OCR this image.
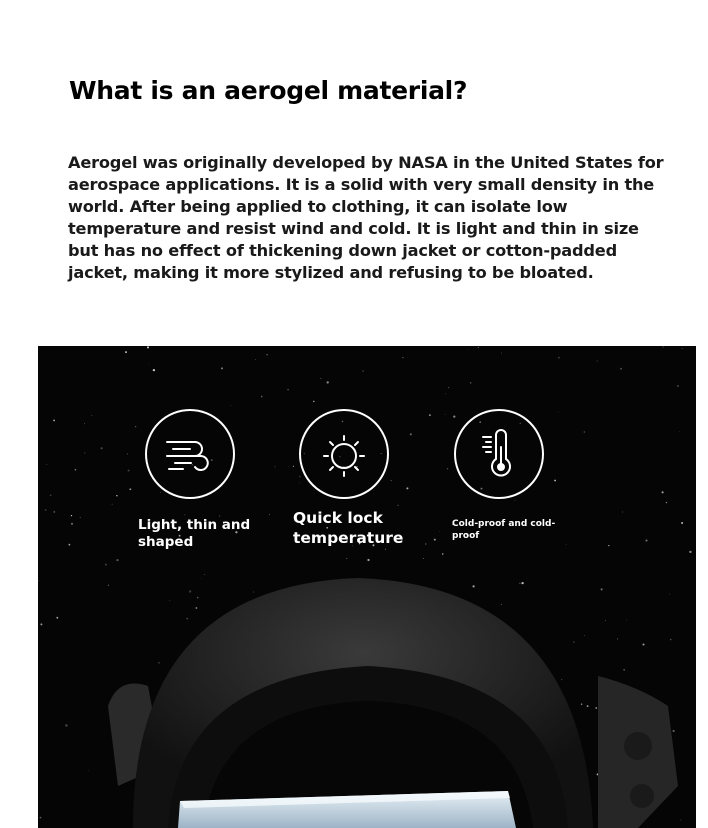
What is an aerogel material?

Aerogel was originally developed by NASA in the United States for aerospace applications. It is a solid with very small density in the world. After being applied to clothing, it can isolate low temperature and resist wind and cold. It is light and thin in size but has no effect of thickening down jacket or cotton-padded jacket, making it more stylized and refusing to be bloated.

Light, thin and shaped

Quick lock temperature

Cold-proof and cold-proof
